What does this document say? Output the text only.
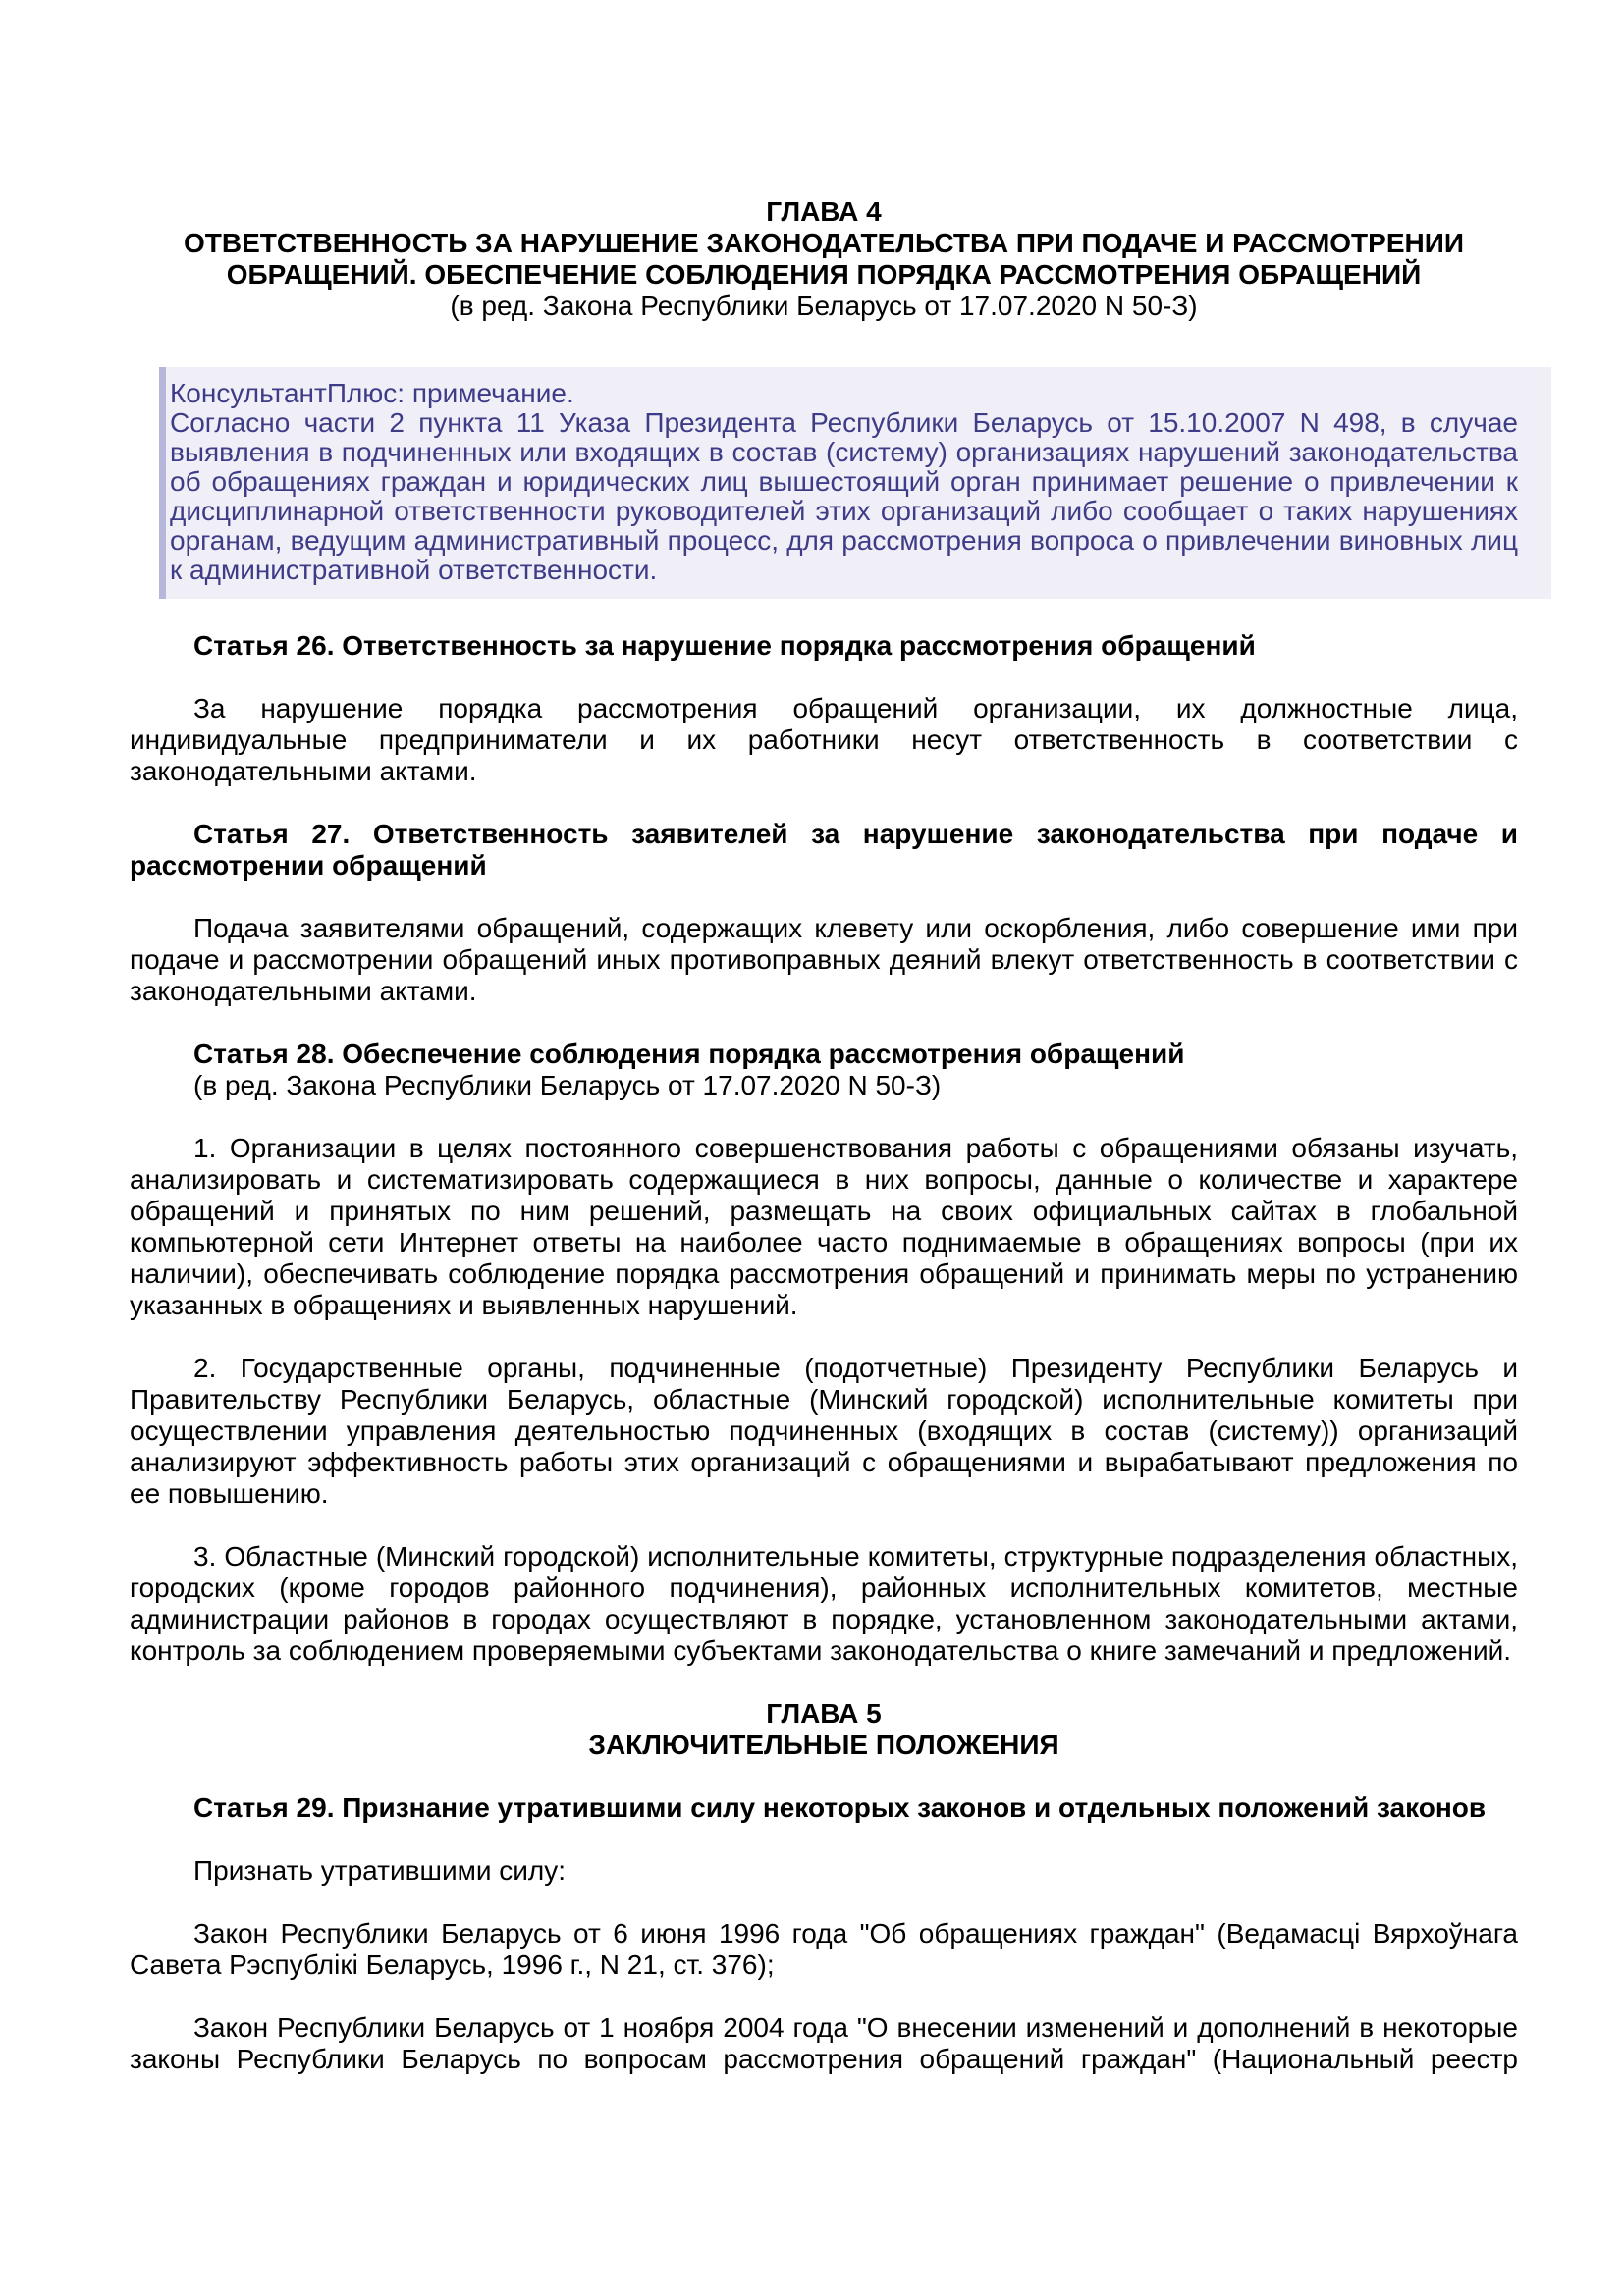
ГЛАВА 4
ОТВЕТСТВЕННОСТЬ ЗА НАРУШЕНИЕ ЗАКОНОДАТЕЛЬСТВА ПРИ ПОДАЧЕ И РАССМОТРЕНИИ ОБРАЩЕНИЙ. ОБЕСПЕЧЕНИЕ СОБЛЮДЕНИЯ ПОРЯДКА РАССМОТРЕНИЯ ОБРАЩЕНИЙ
(в ред. Закона Республики Беларусь от 17.07.2020 N 50-З)

КонсультантПлюс: примечание.

Согласно части 2 пункта 11 Указа Президента Республики Беларусь от 15.10.2007 N 498, в случае выявления в подчиненных или входящих в состав (систему) организациях нарушений законодательства об обращениях граждан и юридических лиц вышестоящий орган принимает решение о привлечении к дисциплинарной ответственности руководителей этих организаций либо сообщает о таких нарушениях органам, ведущим административный процесс, для рассмотрения вопроса о привлечении виновных лиц к административной ответственности.

Статья 26. Ответственность за нарушение порядка рассмотрения обращений

За нарушение порядка рассмотрения обращений организации, их должностные лица, индивидуальные предприниматели и их работники несут ответственность в соответствии с законодательными актами.

Статья 27. Ответственность заявителей за нарушение законодательства при подаче и рассмотрении обращений

Подача заявителями обращений, содержащих клевету или оскорбления, либо совершение ими при подаче и рассмотрении обращений иных противоправных деяний влекут ответственность в соответствии с законодательными актами.

Статья 28. Обеспечение соблюдения порядка рассмотрения обращений

(в ред. Закона Республики Беларусь от 17.07.2020 N 50-З)

1. Организации в целях постоянного совершенствования работы с обращениями обязаны изучать, анализировать и систематизировать содержащиеся в них вопросы, данные о количестве и характере обращений и принятых по ним решений, размещать на своих официальных сайтах в глобальной компьютерной сети Интернет ответы на наиболее часто поднимаемые в обращениях вопросы (при их наличии), обеспечивать соблюдение порядка рассмотрения обращений и принимать меры по устранению указанных в обращениях и выявленных нарушений.

2. Государственные органы, подчиненные (подотчетные) Президенту Республики Беларусь и Правительству Республики Беларусь, областные (Минский городской) исполнительные комитеты при осуществлении управления деятельностью подчиненных (входящих в состав (систему)) организаций анализируют эффективность работы этих организаций с обращениями и вырабатывают предложения по ее повышению.

3. Областные (Минский городской) исполнительные комитеты, структурные подразделения областных, городских (кроме городов районного подчинения), районных исполнительных комитетов, местные администрации районов в городах осуществляют в порядке, установленном законодательными актами, контроль за соблюдением проверяемыми субъектами законодательства о книге замечаний и предложений.

ГЛАВА 5
ЗАКЛЮЧИТЕЛЬНЫЕ ПОЛОЖЕНИЯ

Статья 29. Признание утратившими силу некоторых законов и отдельных положений законов

Признать утратившими силу:

Закон Республики Беларусь от 6 июня 1996 года "Об обращениях граждан" (Ведамасці Вярхоўнага Савета Рэспублікі Беларусь, 1996 г., N 21, ст. 376);

Закон Республики Беларусь от 1 ноября 2004 года "О внесении изменений и дополнений в некоторые законы Республики Беларусь по вопросам рассмотрения обращений граждан" (Национальный реестр
